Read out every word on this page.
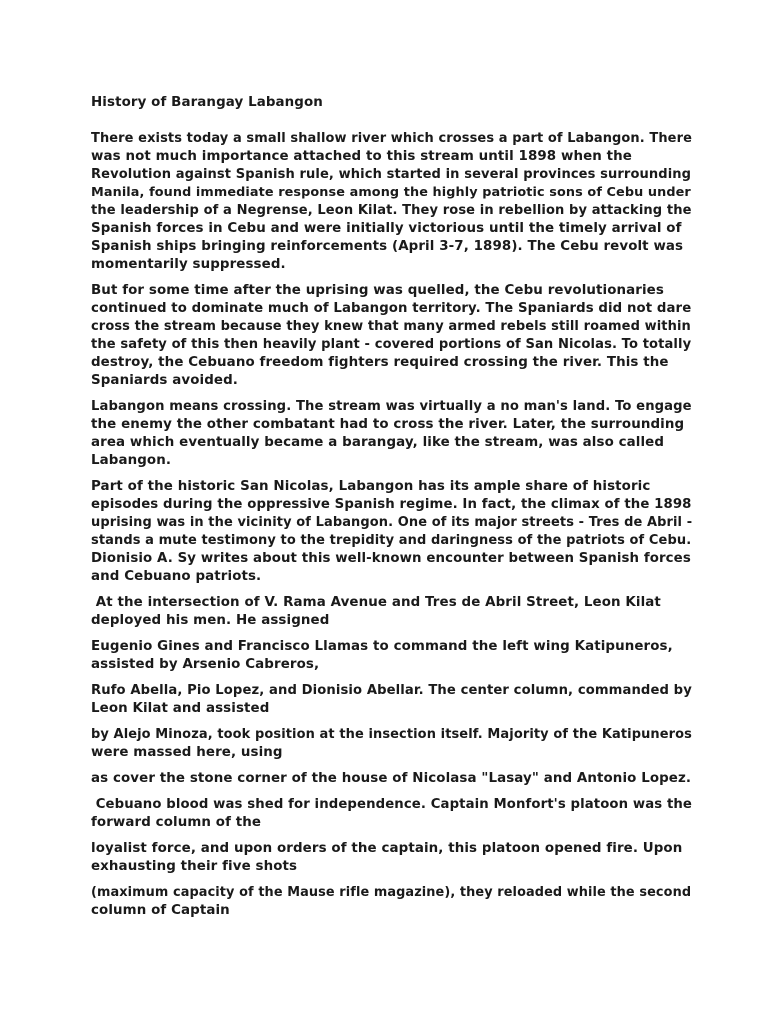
History of Barangay Labangon
There exists today a small shallow river which crosses a part of Labangon. There
was not much importance attached to this stream until 1898 when the
Revolution against Spanish rule, which started in several provinces surrounding
Manila, found immediate response among the highly patriotic sons of Cebu under
the leadership of a Negrense, Leon Kilat. They rose in rebellion by attacking the
Spanish forces in Cebu and were initially victorious until the timely arrival of
Spanish ships bringing reinforcements (April 3-7, 1898). The Cebu revolt was
momentarily suppressed.
But for some time after the uprising was quelled, the Cebu revolutionaries
continued to dominate much of Labangon territory. The Spaniards did not dare
cross the stream because they knew that many armed rebels still roamed within
the safety of this then heavily plant - covered portions of San Nicolas. To totally
destroy, the Cebuano freedom fighters required crossing the river. This the
Spaniards avoided.
Labangon means crossing. The stream was virtually a no man's land. To engage
the enemy the other combatant had to cross the river. Later, the surrounding
area which eventually became a barangay, like the stream, was also called
Labangon.
Part of the historic San Nicolas, Labangon has its ample share of historic
episodes during the oppressive Spanish regime. In fact, the climax of the 1898
uprising was in the vicinity of Labangon. One of its major streets - Tres de Abril -
stands a mute testimony to the trepidity and daringness of the patriots of Cebu.
Dionisio A. Sy writes about this well-known encounter between Spanish forces
and Cebuano patriots.
At the intersection of V. Rama Avenue and Tres de Abril Street, Leon Kilat
deployed his men. He assigned
Eugenio Gines and Francisco Llamas to command the left wing Katipuneros,
assisted by Arsenio Cabreros,
Rufo Abella, Pio Lopez, and Dionisio Abellar. The center column, commanded by
Leon Kilat and assisted
by Alejo Minoza, took position at the insection itself. Majority of the Katipuneros
were massed here, using
as cover the stone corner of the house of Nicolasa "Lasay" and Antonio Lopez.
Cebuano blood was shed for independence. Captain Monfort's platoon was the
forward column of the
loyalist force, and upon orders of the captain, this platoon opened fire. Upon
exhausting their five shots
(maximum capacity of the Mause rifle magazine), they reloaded while the second
column of Captain
